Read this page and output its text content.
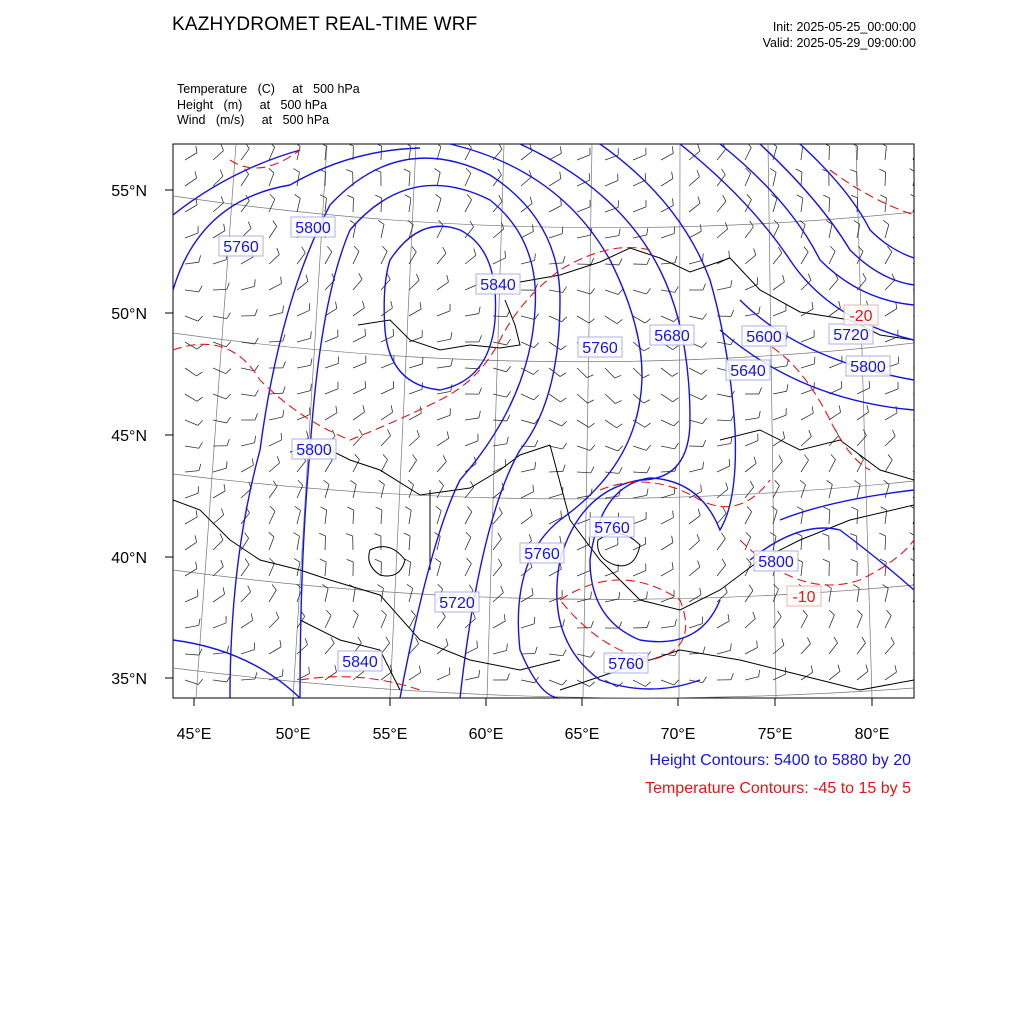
KAZHYDROMET REAL-TIME WRF	Init: 2025-05-25_00:00:00
Valid: 2025-05-29_09:00:00
Temperature   (C)     at   500 hPa
Height   (m)     at   500 hPa
Wind   (m/s)     at   500 hPa
5760
5800
5840
5800
5760
5680	5600	5720
5640	5800
5720
5760
5760	5800
5840	5760
-20
-10
55°N
50°N
45°N
40°N
35°N
45°E	50°E	55°E	60°E	65°E	70°E	75°E	80°E
Height Contours: 5400 to 5880 by 20
Temperature Contours: -45 to 15 by 5
